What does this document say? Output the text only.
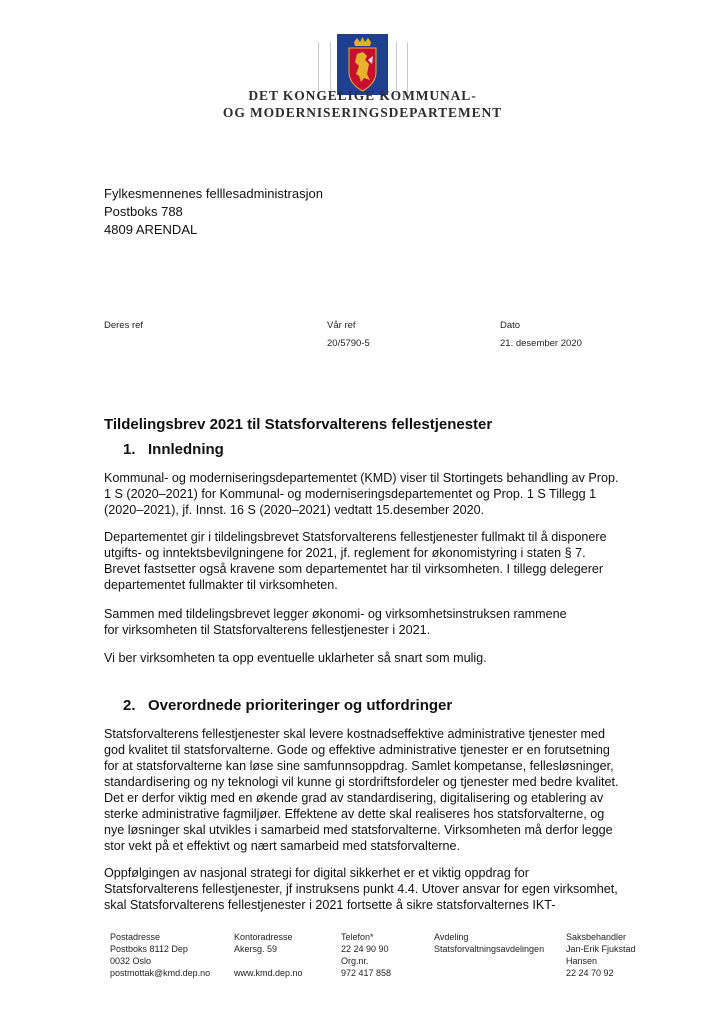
DET KONGELIGE KOMMUNAL-
OG MODERNISERINGSDEPARTEMENT
Fylkesmennenes felllesadministrasjon
Postboks 788
4809 ARENDAL
Deres ref	Vår ref
20/5790-5
Dato
21. desember 2020
Tildelingsbrev 2021 til Statsforvalterens fellestjenester
1. Innledning
Kommunal- og moderniseringsdepartementet (KMD) viser til Stortingets behandling av Prop.
1 S (2020–2021) for Kommunal- og moderniseringsdepartementet og Prop. 1 S Tillegg 1
(2020–2021), jf. Innst. 16 S (2020–2021) vedtatt 15.desember 2020.
Departementet gir i tildelingsbrevet Statsforvalterens fellestjenester fullmakt til å disponere
utgifts- og inntektsbevilgningene for 2021, jf. reglement for økonomistyring i staten § 7.
Brevet fastsetter også kravene som departementet har til virksomheten. I tillegg delegerer
departementet fullmakter til virksomheten.
Sammen med tildelingsbrevet legger økonomi- og virksomhetsinstruksen rammene
for virksomheten til Statsforvalterens fellestjenester i 2021.
Vi ber virksomheten ta opp eventuelle uklarheter så snart som mulig.
2. Overordnede prioriteringer og utfordringer
Statsforvalterens fellestjenester skal levere kostnadseffektive administrative tjenester med
god kvalitet til statsforvalterne. Gode og effektive administrative tjenester er en forutsetning
for at statsforvalterne kan løse sine samfunnsoppdrag. Samlet kompetanse, fellesløsninger,
standardisering og ny teknologi vil kunne gi stordriftsfordeler og tjenester med bedre kvalitet.
Det er derfor viktig med en økende grad av standardisering, digitalisering og etablering av
sterke administrative fagmiljøer. Effektene av dette skal realiseres hos statsforvalterne, og
nye løsninger skal utvikles i samarbeid med statsforvalterne. Virksomheten må derfor legge
stor vekt på et effektivt og nært samarbeid med statsforvalterne.
Oppfølgingen av nasjonal strategi for digital sikkerhet er et viktig oppdrag for
Statsforvalterens fellestjenester, jf instruksens punkt 4.4. Utover ansvar for egen virksomhet,
skal Statsforvalterens fellestjenester i 2021 fortsette å sikre statsforvalternes IKT-
Postadresse
Postboks 8112 Dep
0032 Oslo
postmottak@kmd.dep.no
Kontoradresse
Akersg. 59
www.kmd.dep.no
Telefon*
22 24 90 90
Org.nr.
972 417 858
Avdeling
Statsforvaltningsavdelingen
Saksbehandler
Jan-Erik Fjukstad
Hansen
22 24 70 92
